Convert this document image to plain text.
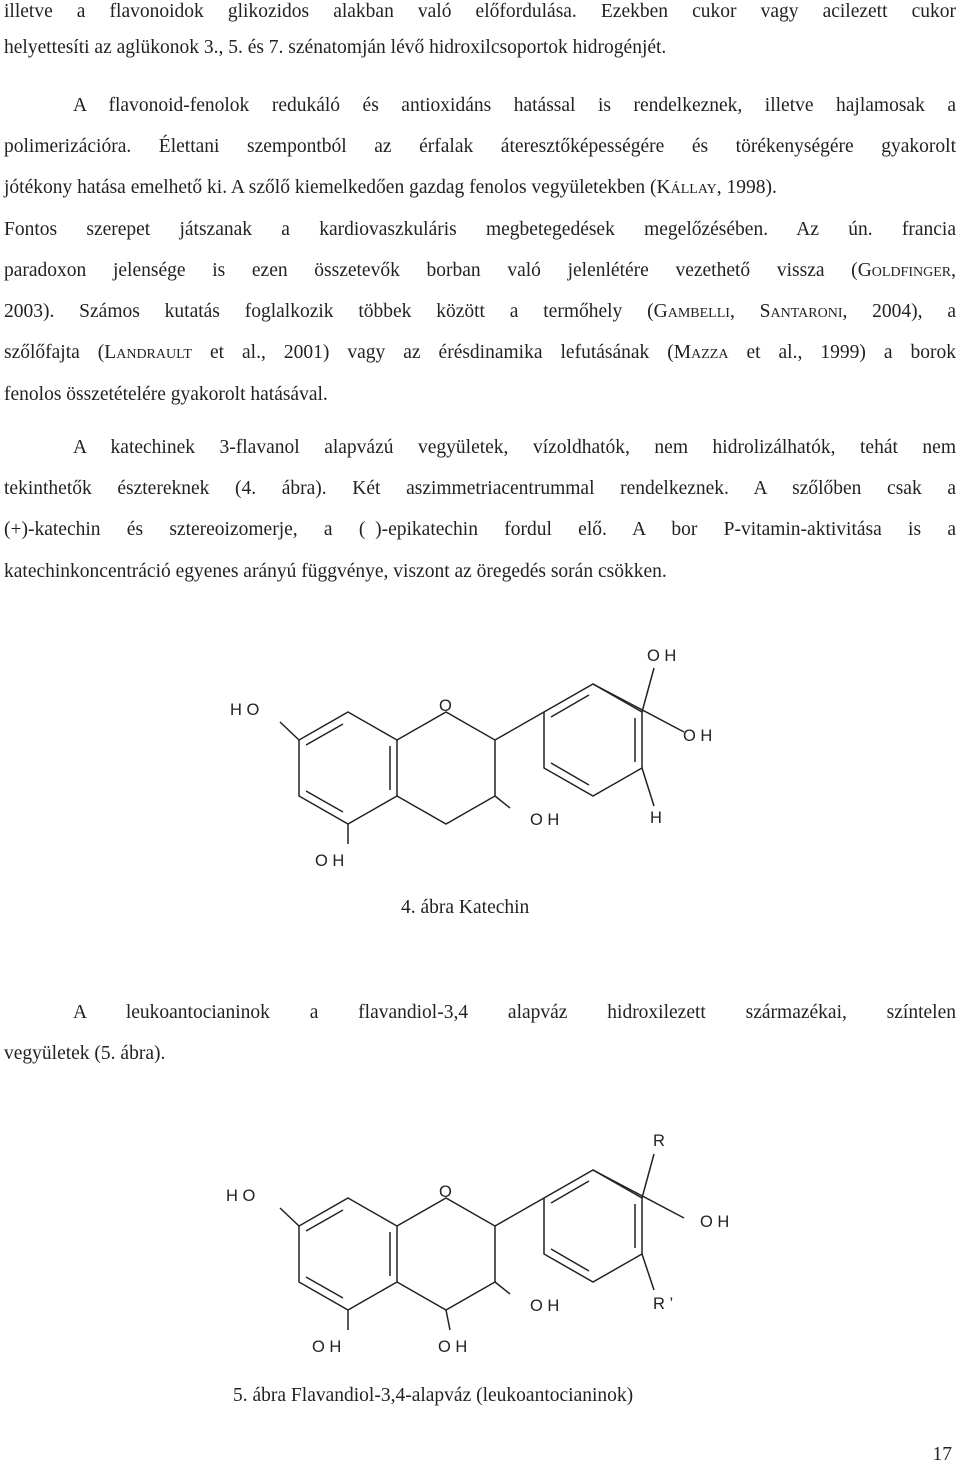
illetve a flavonoidok glikozidos alakban való előfordulása. Ezekben cukor vagy acilezett cukor
helyettesíti az aglükonok 3., 5. és 7. szénatomján lévő hidroxilcsoportok hidrogénjét.
A flavonoid-fenolok redukáló és antioxidáns hatással is rendelkeznek, illetve hajlamosak a
polimerizációra. Élettani szempontból az érfalak áteresztőképességére és törékenységére gyakorolt
jótékony hatása emelhető ki. A szőlő kiemelkedően gazdag fenolos vegyületekben (Kállay, 1998).
Fontos szerepet játszanak a kardiovaszkuláris megbetegedések megelőzésében. Az ún. francia
paradoxon jelensége is ezen összetevők borban való jelenlétére vezethető vissza (Goldfinger,
2003). Számos kutatás foglalkozik többek között a termőhely (Gambelli, Santaroni, 2004), a
szőlőfajta (Landrault et al., 2001) vagy az érésdinamika lefutásának (Mazza et al., 1999) a borok
fenolos összetételére gyakorolt hatásával.
A katechinek 3-flavanol alapvázú vegyületek, vízoldhatók, nem hidrolizálhatók, tehát nem
tekinthetők észtereknek (4. ábra). Két aszimmetriacentrummal rendelkeznek. A szőlőben csak a
(+)-katechin és sztereoizomerje, a ( )-epikatechin fordul elő. A bor P-vitamin-aktivitása is a
katechinkoncentráció egyenes arányú függvénye, viszont az öregedés során csökken.
O H
H O	O
O H
O H	H
O H
4. ábra Katechin
A leukoantocianinok a flavandiol-3,4 alapváz hidroxilezett származékai, színtelen
vegyületek (5. ábra).
R
H O	O
O H
O H	R ’
O H	O H
5. ábra Flavandiol-3,4-alapváz (leukoantocianinok)
17
